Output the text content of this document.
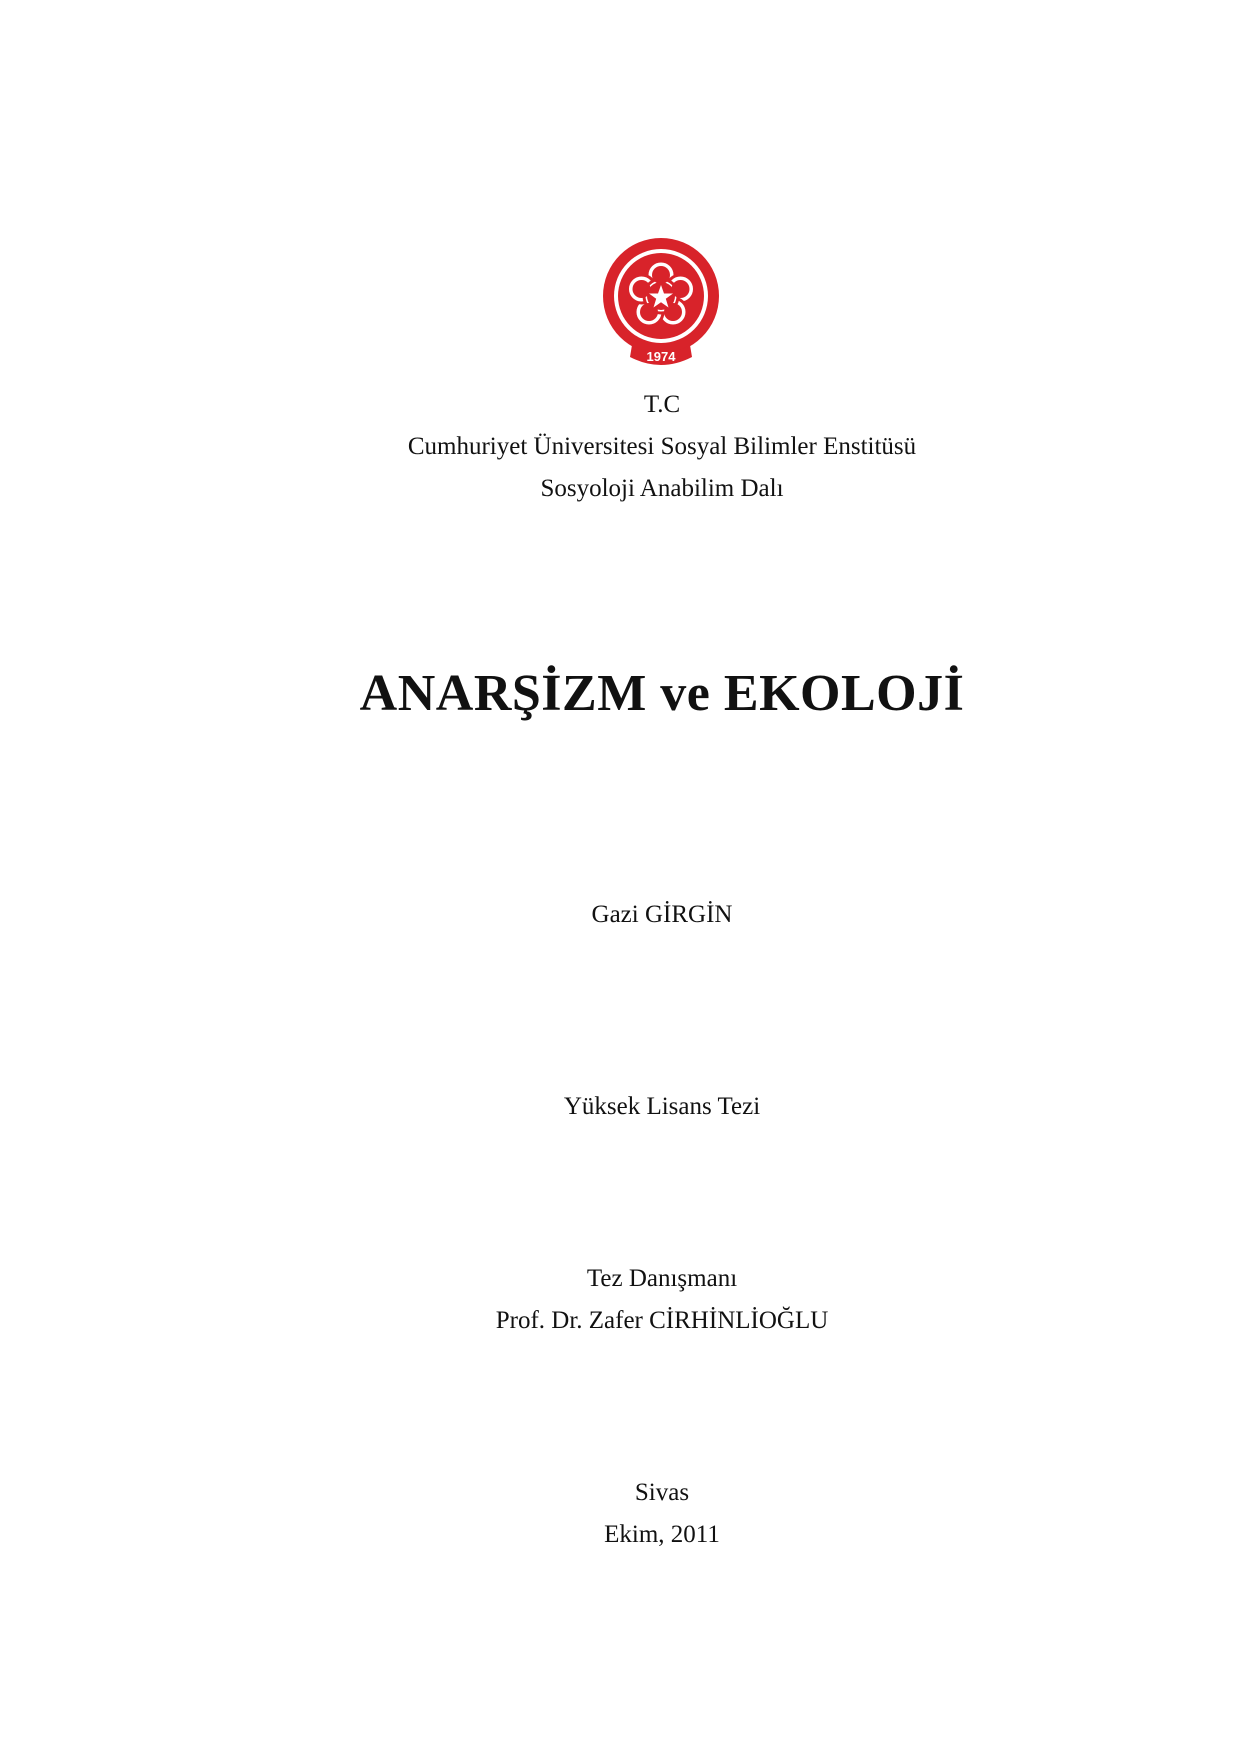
1974
T.C
Cumhuriyet Üniversitesi Sosyal Bilimler Enstitüsü
Sosyoloji Anabilim Dalı
ANARŞİZM ve EKOLOJİ
Gazi GİRGİN
Yüksek Lisans Tezi
Tez Danışmanı
Prof. Dr. Zafer CİRHİNLİOĞLU
Sivas
Ekim, 2011
